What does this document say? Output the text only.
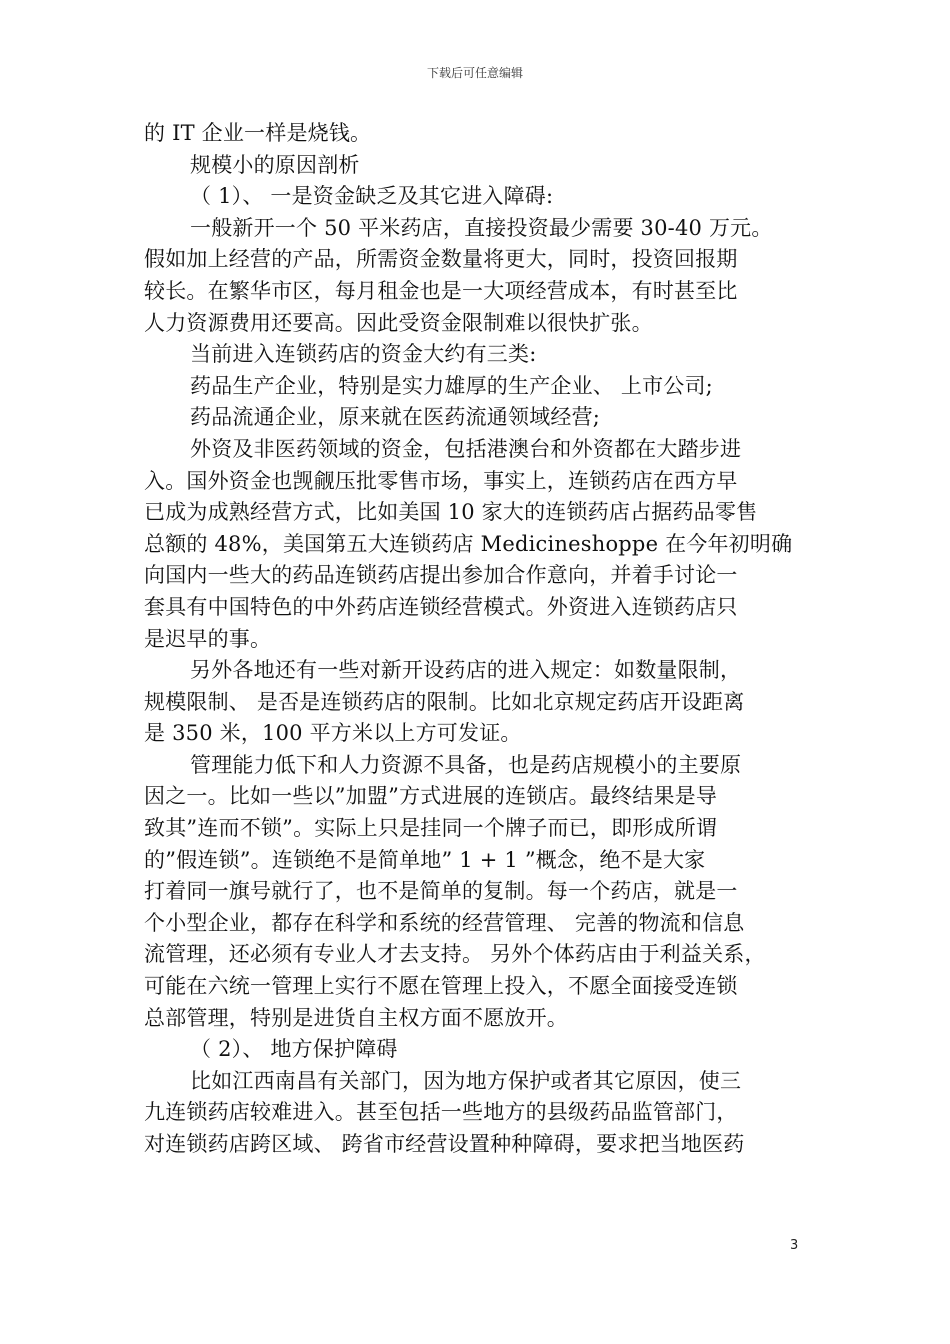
下载后可任意编辑
的 IT 企业一样是烧钱。
规模小的原因剖析
（ 1）、 一是资金缺乏及其它进入障碍:
一般新开一个 50 平米药店，直接投资最少需要 30-40 万元。
假如加上经营的产品，所需资金数量将更大，同时，投资回报期
较长。在繁华市区，每月租金也是一大项经营成本，有时甚至比
人力资源费用还要高。因此受资金限制难以很快扩张。
当前进入连锁药店的资金大约有三类:
药品生产企业，特别是实力雄厚的生产企业、 上市公司;
药品流通企业，原来就在医药流通领域经营;
外资及非医药领域的资金，包括港澳台和外资都在大踏步进
入。国外资金也觊觎压批零售市场，事实上，连锁药店在西方早
已成为成熟经营方式，比如美国 10 家大的连锁药店占据药品零售
总额的 48%，美国第五大连锁药店 Medicineshoppe 在今年初明确
向国内一些大的药品连锁药店提出参加合作意向，并着手讨论一
套具有中国特色的中外药店连锁经营模式。外资进入连锁药店只
是迟早的事。
另外各地还有一些对新开设药店的进入规定：如数量限制，
规模限制、 是否是连锁药店的限制。比如北京规定药店开设距离
是 350 米，100 平方米以上方可发证。
管理能力低下和人力资源不具备，也是药店规模小的主要原
因之一。比如一些以”加盟”方式进展的连锁店。最终结果是导
致其”连而不锁”。实际上只是挂同一个牌子而已，即形成所谓
的”假连锁”。连锁绝不是简单地” 1 + 1 ”概念，绝不是大家
打着同一旗号就行了，也不是简单的复制。每一个药店，就是一
个小型企业，都存在科学和系统的经营管理、 完善的物流和信息
流管理，还必须有专业人才去支持。 另外个体药店由于利益关系，
可能在六统一管理上实行不愿在管理上投入，不愿全面接受连锁
总部管理，特别是进货自主权方面不愿放开。
（ 2）、 地方保护障碍
比如江西南昌有关部门，因为地方保护或者其它原因，使三
九连锁药店较难进入。甚至包括一些地方的县级药品监管部门，
对连锁药店跨区域、 跨省市经营设置种种障碍，要求把当地医药
3
